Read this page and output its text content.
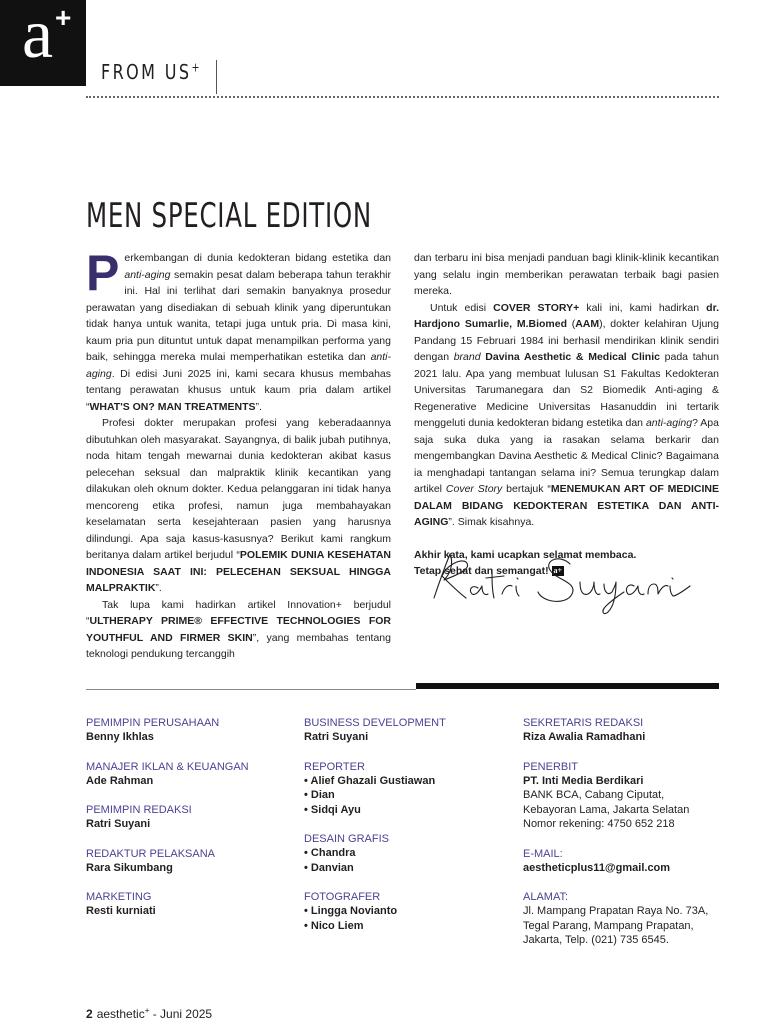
a +
FROM US+
MEN SPECIAL EDITION
P erkembangan di dunia kedokteran bidang estetika dan anti-aging semakin pesat dalam beberapa tahun terakhir ini. Hal ini terlihat dari semakin banyaknya prosedur perawatan yang disediakan di sebuah klinik yang diperuntukan tidak hanya untuk wanita, tetapi juga untuk pria. Di masa kini, kaum pria pun dituntut untuk dapat menampilkan performa yang baik, sehingga mereka mulai memperhatikan estetika dan anti-aging. Di edisi Juni 2025 ini, kami secara khusus membahas tentang perawatan khusus untuk kaum pria dalam artikel “WHAT'S ON? MAN TREATMENTS”.

Profesi dokter merupakan profesi yang keberadaannya dibutuhkan oleh masyarakat. Sayangnya, di balik jubah putihnya, noda hitam tengah mewarnai dunia kedokteran akibat kasus pelecehan seksual dan malpraktik klinik kecantikan yang dilakukan oleh oknum dokter. Kedua pelanggaran ini tidak hanya mencoreng etika profesi, namun juga membahayakan keselamatan serta kesejahteraan pasien yang harusnya dilindungi. Apa saja kasus-kasusnya? Berikut kami rangkum beritanya dalam artikel berjudul “POLEMIK DUNIA KESEHATAN INDONESIA SAAT INI: PELECEHAN SEKSUAL HINGGA MALPRAKTIK”.

Tak lupa kami hadirkan artikel Innovation+ berjudul “ULTHERAPY PRIME® EFFECTIVE TECHNOLOGIES FOR YOUTHFUL AND FIRMER SKIN”, yang membahas tentang teknologi pendukung tercanggih

dan terbaru ini bisa menjadi panduan bagi klinik-klinik kecantikan yang selalu ingin memberikan perawatan terbaik bagi pasien mereka.

Untuk edisi COVER STORY+ kali ini, kami hadirkan dr. Hardjono Sumarlie, M.Biomed (AAM), dokter kelahiran Ujung Pandang 15 Februari 1984 ini berhasil mendirikan klinik sendiri dengan brand Davina Aesthetic & Medical Clinic pada tahun 2021 lalu. Apa yang membuat lulusan S1 Fakultas Kedokteran Universitas Tarumanegara dan S2 Biomedik Anti-aging & Regenerative Medicine Universitas Hasanuddin ini tertarik menggeluti dunia kedokteran bidang estetika dan anti-aging? Apa saja suka duka yang ia rasakan selama berkarir dan mengembangkan Davina Aesthetic & Medical Clinic? Bagaimana ia menghadapi tantangan selama ini? Semua terungkap dalam artikel Cover Story bertajuk “MENEMUKAN ART OF MEDICINE DALAM BIDANG KEDOKTERAN ESTETIKA DAN ANTI-AGING”. Simak kisahnya.

Akhir kata, kami ucapkan selamat membaca.

Tetap sehat dan semangat! a+

PEMIMPIN PERUSAHAAN
Benny Ikhlas
MANAJER IKLAN & KEUANGAN
Ade Rahman
PEMIMPIN REDAKSI
Ratri Suyani
REDAKTUR PELAKSANA
Rara Sikumbang
MARKETING
Resti kurniati
BUSINESS DEVELOPMENT
Ratri Suyani
REPORTER
• Alief Ghazali Gustiawan
• Dian
• Sidqi Ayu
DESAIN GRAFIS
• Chandra
• Danvian
FOTOGRAFER
• Lingga Novianto
• Nico Liem
SEKRETARIS REDAKSI
Riza Awalia Ramadhani
PENERBIT
PT. Inti Media Berdikari
BANK BCA, Cabang Ciputat,
Kebayoran Lama, Jakarta Selatan
Nomor rekening: 4750 652 218
E-MAIL:
aestheticplus11@gmail.com
ALAMAT:
Jl. Mampang Prapatan Raya No. 73A,
Tegal Parang, Mampang Prapatan,
Jakarta, Telp. (021) 735 6545.
2 aesthetic+ - Juni 2025
